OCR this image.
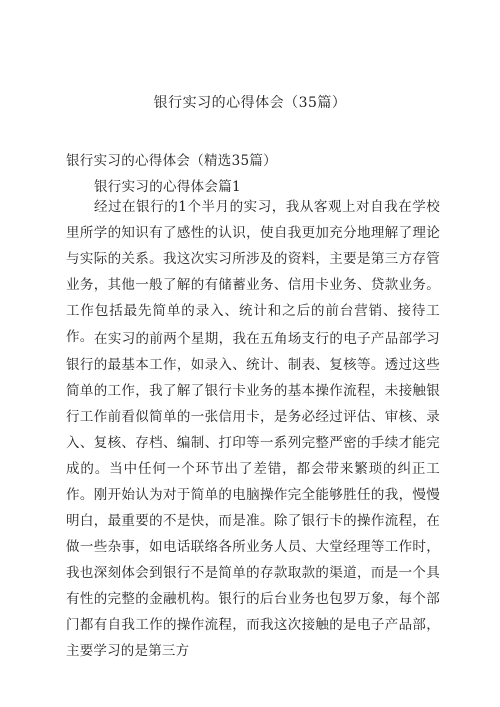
银行实习的心得体会（35篇）
银行实习的心得体会（精选35篇）
银行实习的心得体会篇1

经过在银行的1个半月的实习，我从客观上对自我在学校里所学的知识有了感性的认识，使自我更加充分地理解了理论与实际的关系。我这次实习所涉及的资料，主要是第三方存管业务，其他一般了解的有储蓄业务、信用卡业务、贷款业务。工作包括最先简单的录入、统计和之后的前台营销、接待工作。 在实习的前两个星期，我在五角场支行的电子产品部学习银行的最基本工作，如录入、统计、制表、复核等。透过这些简单的工作，我了解了银行卡业务的基本操作流程，未接触银行工作前看似简单的一张信用卡，是务必经过评估、审核、录入、复核、存档、编制、打印等一系列完整严密的手续才能完成的。当中任何一个环节出了差错，都会带来繁琐的纠正工作。刚开始认为对于简单的电脑操作完全能够胜任的我，慢慢明白，最重要的不是快，而是准。除了银行卡的操作流程，在做一些杂事，如电话联络各所业务人员、大堂经理等工作时，我也深刻体会到银行不是简单的存款取款的渠道，而是一个具有性的完整的金融机构。银行的后台业务也包罗万象，每个部门都有自我工作的操作流程，而我这次接触的是电子产品部，主要学习的是第三方
